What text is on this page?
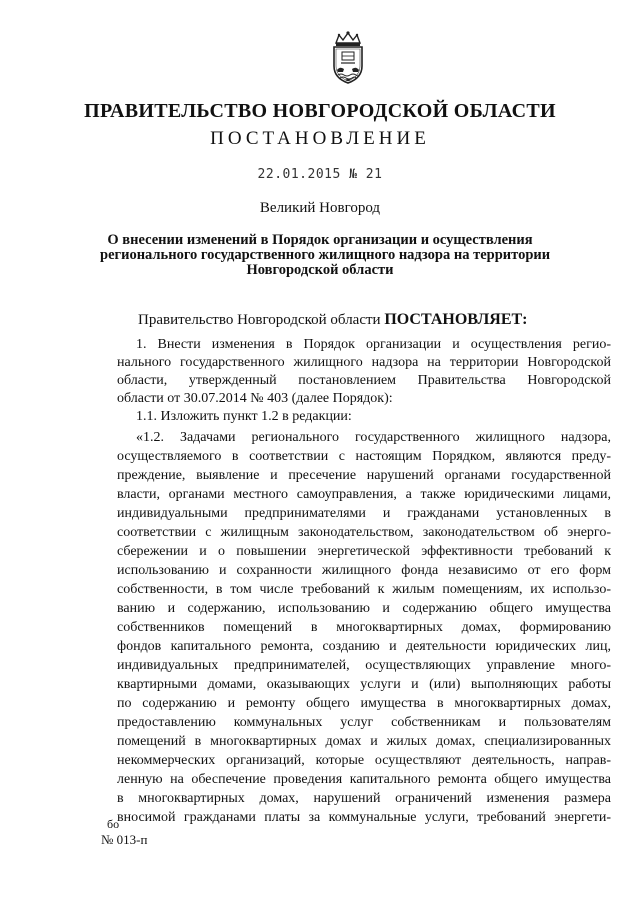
ПРАВИТЕЛЬСТВО НОВГОРОДСКОЙ ОБЛАСТИ
ПОСТАНОВЛЕНИЕ
22.01.2015 № 21
Великий Новгород
О внесении изменений в Порядок организации и осуществления
регионального государственного жилищного надзора на территории
Новгородской области
Правительство Новгородской области ПОСТАНОВЛЯЕТ:
1. Внести изменения в Порядок организации и осуществления регио-
нального государственного жилищного надзора на территории Новгородской
области, утвержденный постановлением Правительства Новгородской
области от 30.07.2014 № 403 (далее Порядок):
1.1. Изложить пункт 1.2 в редакции:
«1.2. Задачами регионального государственного жилищного надзора,
осуществляемого в соответствии с настоящим Порядком, являются преду-
преждение, выявление и пресечение нарушений органами государственной
власти, органами местного самоуправления, а также юридическими лицами,
индивидуальными предпринимателями и гражданами установленных в
соответствии с жилищным законодательством, законодательством об энерго-
сбережении и о повышении энергетической эффективности требований к
использованию и сохранности жилищного фонда независимо от его форм
собственности, в том числе требований к жилым помещениям, их использо-
ванию и содержанию, использованию и содержанию общего имущества
собственников помещений в многоквартирных домах, формированию
фондов капитального ремонта, созданию и деятельности юридических лиц,
индивидуальных предпринимателей, осуществляющих управление много-
квартирными домами, оказывающих услуги и (или) выполняющих работы
по содержанию и ремонту общего имущества в многоквартирных домах,
предоставлению коммунальных услуг собственникам и пользователям
помещений в многоквартирных домах и жилых домах, специализированных
некоммерческих организаций, которые осуществляют деятельность, направ-
ленную на обеспечение проведения капитального ремонта общего имущества
в многоквартирных домах, нарушений ограничений изменения размера
вносимой гражданами платы за коммунальные услуги, требований энергети-
бо
№ 013-п
